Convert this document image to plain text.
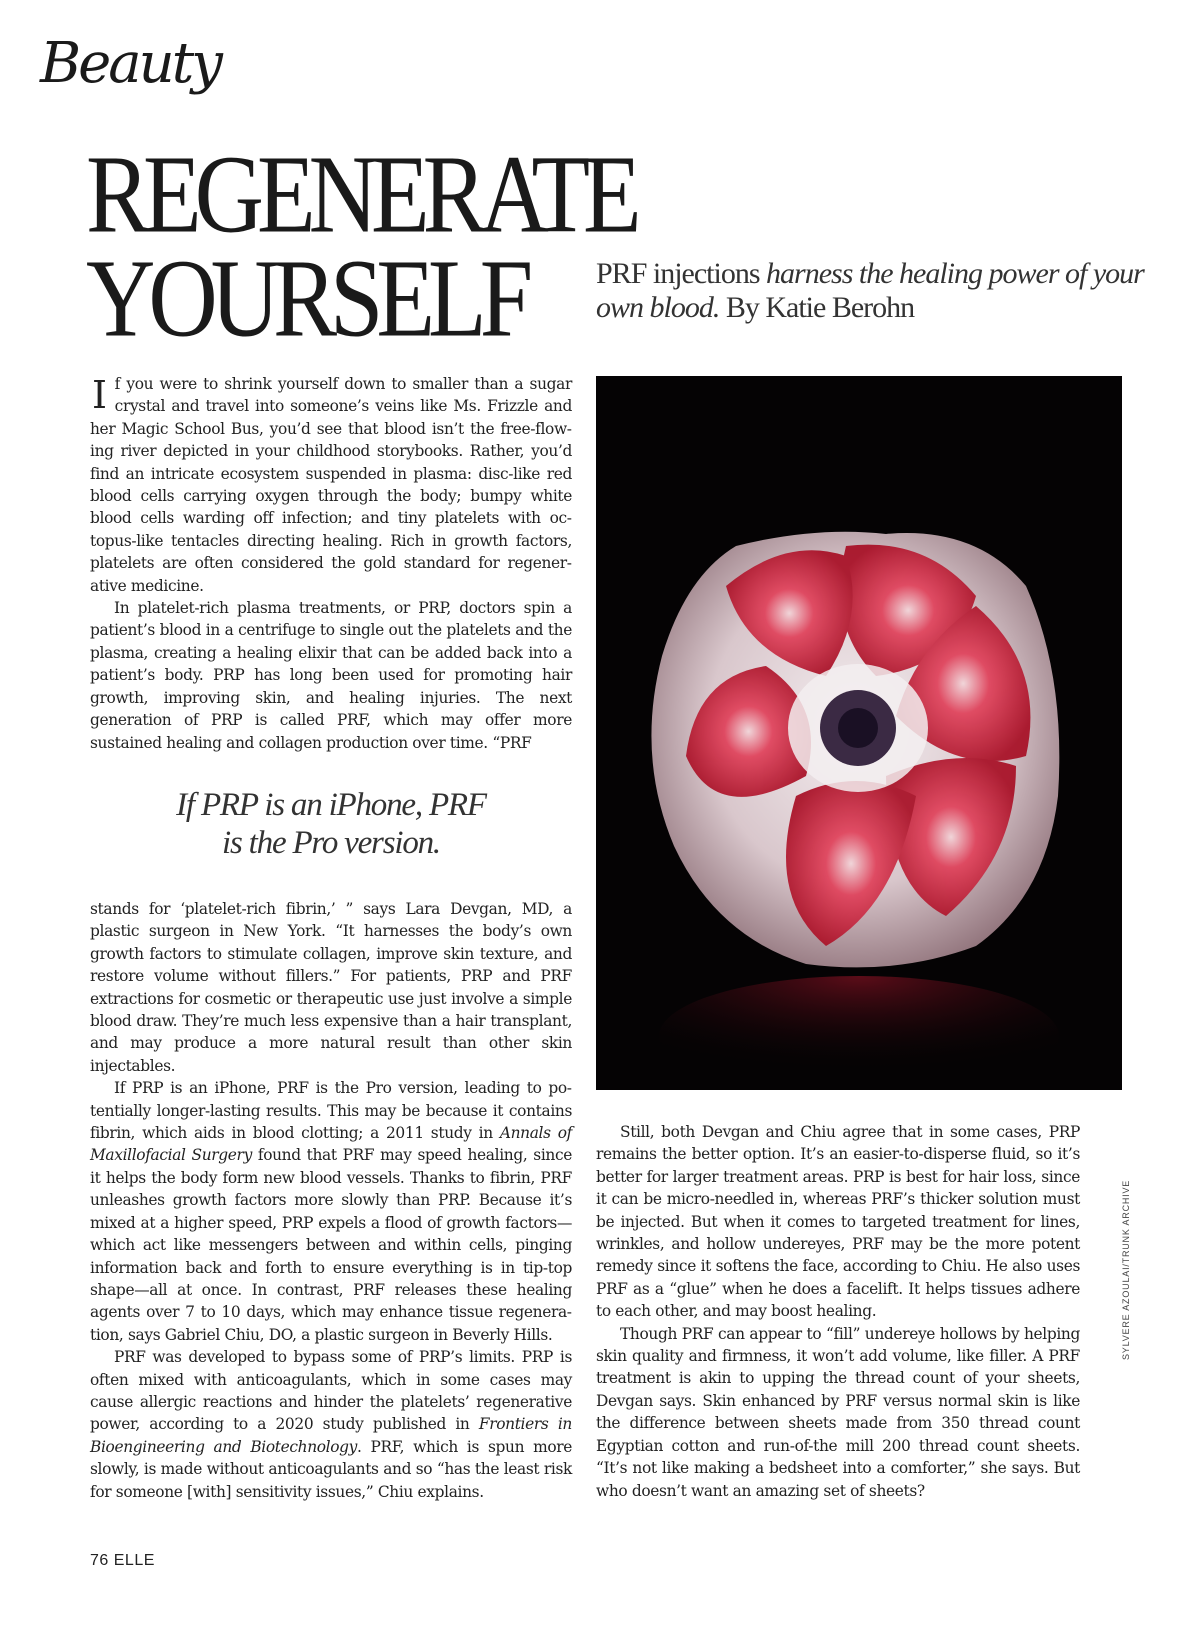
Beauty
REGENERATE
YOURSELF	PRF injections harness the healing power of your own blood. By Katie Berohn

If you were to shrink yourself down to smaller than a sugar crystal and travel into someone’s veins like Ms. Frizzle and her Magic School Bus, you’d see that blood isn’t the free-flowing river depicted in your childhood storybooks. Rather, you’d find an intricate ecosystem suspended in plasma: disc-like red blood cells carrying oxygen through the body; bumpy white blood cells warding off infection; and tiny platelets with octopus-like tentacles directing healing. Rich in growth factors, platelets are often considered the gold standard for regenerative medicine.

In platelet-rich plasma treatments, or PRP, doctors spin a patient’s blood in a centrifuge to single out the platelets and the plasma, creating a healing elixir that can be added back into a patient’s body. PRP has long been used for promoting hair growth, improving skin, and healing injuries. The next generation of PRP is called PRF, which may offer more sustained healing and collagen production over time. “PRF

If PRP is an iPhone, PRF
is the Pro version.

stands for ‘platelet-rich fibrin,’ ” says Lara Devgan, MD, a plastic surgeon in New York. “It harnesses the body’s own growth factors to stimulate collagen, improve skin texture, and restore volume without fillers.” For patients, PRP and PRF extractions for cosmetic or therapeutic use just involve a simple blood draw. They’re much less expensive than a hair transplant, and may produce a more natural result than other skin injectables.

If PRP is an iPhone, PRF is the Pro version, leading to potentially longer-lasting results. This may be because it contains fibrin, which aids in blood clotting; a 2011 study in Annals of Maxillofacial Surgery found that PRF may speed healing, since it helps the body form new blood vessels. Thanks to fibrin, PRF unleashes growth factors more slowly than PRP. Because it’s mixed at a higher speed, PRP expels a flood of growth factors—which act like messengers between and within cells, pinging information back and forth to ensure everything is in tip-top shape—all at once. In contrast, PRF releases these healing agents over 7 to 10 days, which may enhance tissue regeneration, says Gabriel Chiu, DO, a plastic surgeon in Beverly Hills.

PRF was developed to bypass some of PRP’s limits. PRP is often mixed with anticoagulants, which in some cases may cause allergic reactions and hinder the platelets’ regenerative power, according to a 2020 study published in Frontiers in Bioengineering and Biotechnology. PRF, which is spun more slowly, is made without anticoagulants and so “has the least risk for someone [with] sensitivity issues,” Chiu explains.

Still, both Devgan and Chiu agree that in some cases, PRP remains the better option. It’s an easier-to-disperse fluid, so it’s better for larger treatment areas. PRP is best for hair loss, since it can be micro-needled in, whereas PRF’s thicker solution must be injected. But when it comes to targeted treatment for lines, wrinkles, and hollow undereyes, PRF may be the more potent remedy since it softens the face, according to Chiu. He also uses PRF as a “glue” when he does a facelift. It helps tissues adhere to each other, and may boost healing.

Though PRF can appear to “fill” undereye hollows by helping skin quality and firmness, it won’t add volume, like filler. A PRF treatment is akin to upping the thread count of your sheets, Devgan says. Skin enhanced by PRF versus normal skin is like the difference between sheets made from 350 thread count Egyptian cotton and run-of-the mill 200 thread count sheets. “It’s not like making a bedsheet into a comforter,” she says. But who doesn’t want an amazing set of sheets?

SYLVERE AZOULAI/TRUNK ARCHIVE
76 ELLE
